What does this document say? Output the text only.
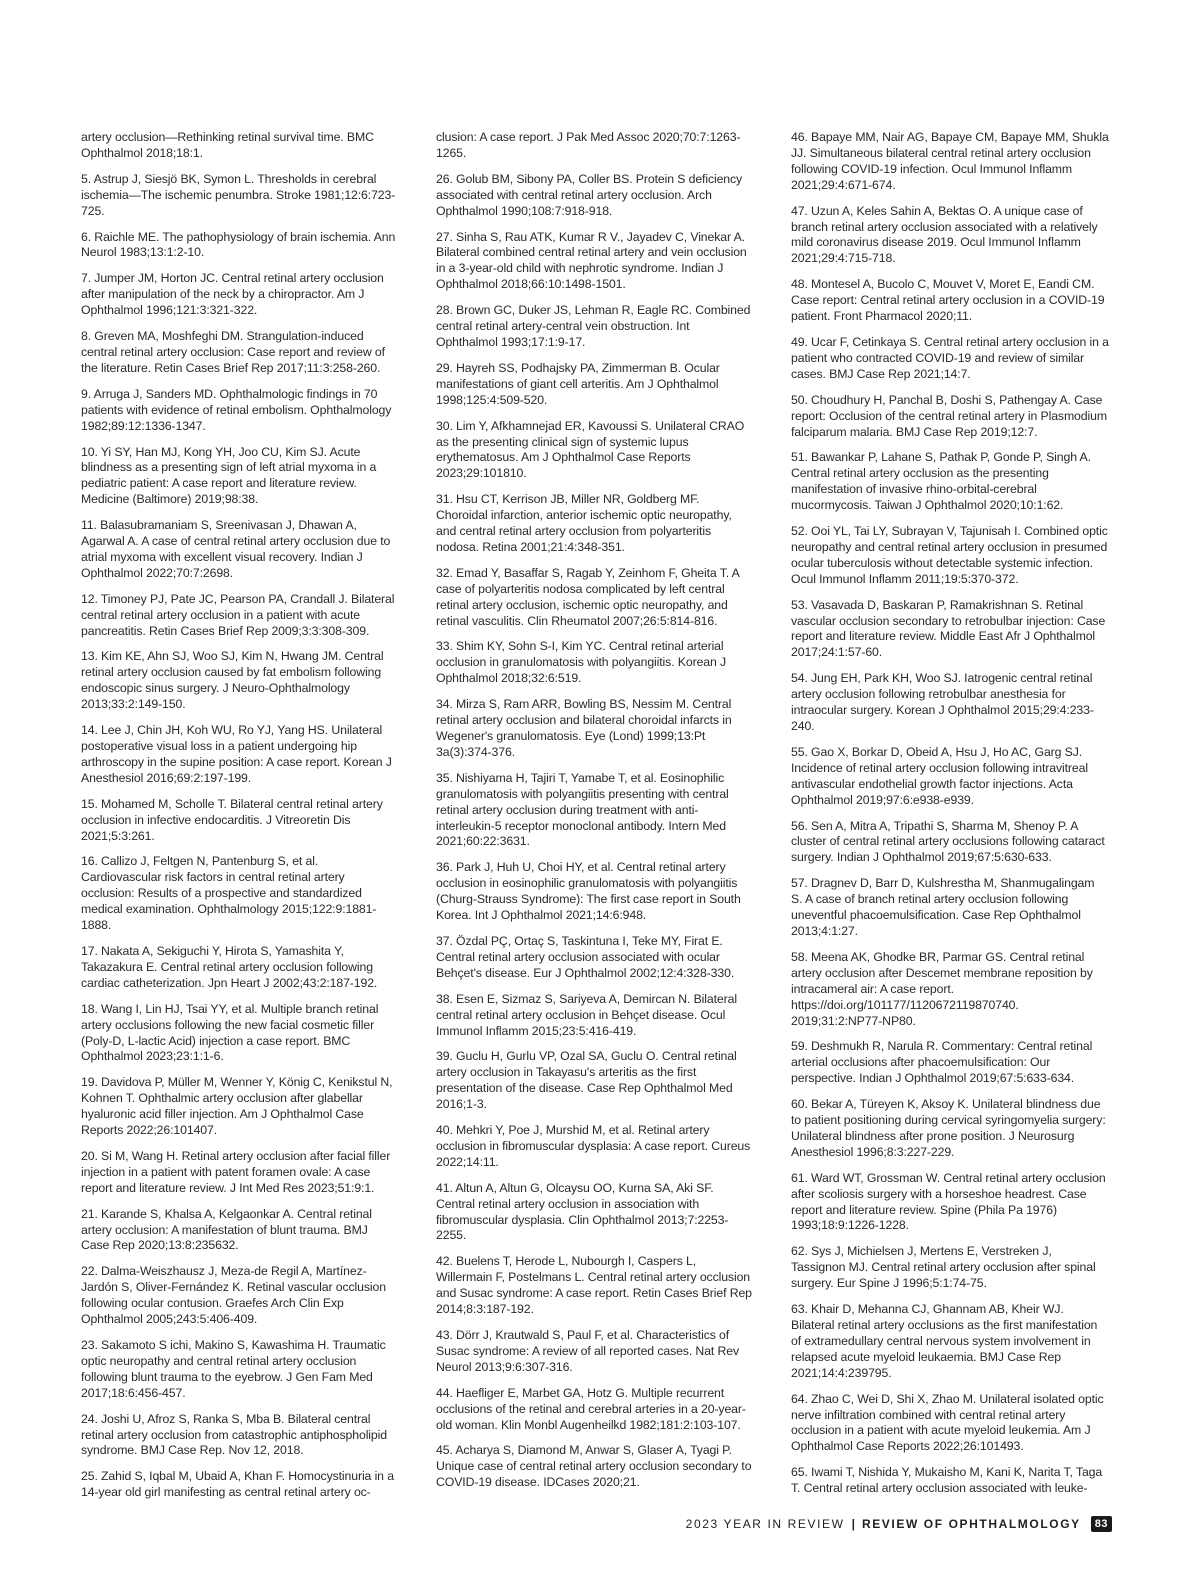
artery occlusion—Rethinking retinal survival time. BMC Ophthalmol 2018;18:1.

5. Astrup J, Siesjö BK, Symon L. Thresholds in cerebral ischemia—The ischemic penumbra. Stroke 1981;12:6:723-725.

6. Raichle ME. The pathophysiology of brain ischemia. Ann Neurol 1983;13:1:2-10.

7. Jumper JM, Horton JC. Central retinal artery occlusion after manipulation of the neck by a chiropractor. Am J Ophthalmol 1996;121:3:321-322.

8. Greven MA, Moshfeghi DM. Strangulation-induced central retinal artery occlusion: Case report and review of the literature. Retin Cases Brief Rep 2017;11:3:258-260.

9. Arruga J, Sanders MD. Ophthalmologic findings in 70 patients with evidence of retinal embolism. Ophthalmology 1982;89:12:1336-1347.

10. Yi SY, Han MJ, Kong YH, Joo CU, Kim SJ. Acute blindness as a presenting sign of left atrial myxoma in a pediatric patient: A case report and literature review. Medicine (Baltimore) 2019;98:38.

11. Balasubramaniam S, Sreenivasan J, Dhawan A, Agarwal A. A case of central retinal artery occlusion due to atrial myxoma with excellent visual recovery. Indian J Ophthalmol 2022;70:7:2698.

12. Timoney PJ, Pate JC, Pearson PA, Crandall J. Bilateral central retinal artery occlusion in a patient with acute pancreatitis. Retin Cases Brief Rep 2009;3:3:308-309.

13. Kim KE, Ahn SJ, Woo SJ, Kim N, Hwang JM. Central retinal artery occlusion caused by fat embolism following endoscopic sinus surgery. J Neuro-Ophthalmology 2013;33:2:149-150.

14. Lee J, Chin JH, Koh WU, Ro YJ, Yang HS. Unilateral postoperative visual loss in a patient undergoing hip arthroscopy in the supine position: A case report. Korean J Anesthesiol 2016;69:2:197-199.

15. Mohamed M, Scholle T. Bilateral central retinal artery occlusion in infective endocarditis. J Vitreoretin Dis 2021;5:3:261.

16. Callizo J, Feltgen N, Pantenburg S, et al. Cardiovascular risk factors in central retinal artery occlusion: Results of a prospective and standardized medical examination. Ophthalmology 2015;122:9:1881-1888.

17. Nakata A, Sekiguchi Y, Hirota S, Yamashita Y, Takazakura E. Central retinal artery occlusion following cardiac catheterization. Jpn Heart J 2002;43:2:187-192.

18. Wang I, Lin HJ, Tsai YY, et al. Multiple branch retinal artery occlusions following the new facial cosmetic filler (Poly-D, L-lactic Acid) injection a case report. BMC Ophthalmol 2023;23:1:1-6.

19. Davidova P, Müller M, Wenner Y, König C, Kenikstul N, Kohnen T. Ophthalmic artery occlusion after glabellar hyaluronic acid filler injection. Am J Ophthalmol Case Reports 2022;26:101407.

20. Si M, Wang H. Retinal artery occlusion after facial filler injection in a patient with patent foramen ovale: A case report and literature review. J Int Med Res 2023;51:9:1.

21. Karande S, Khalsa A, Kelgaonkar A. Central retinal artery occlusion: A manifestation of blunt trauma. BMJ Case Rep 2020;13:8:235632.

22. Dalma-Weiszhausz J, Meza-de Regil A, Martínez-Jardón S, Oliver-Fernández K. Retinal vascular occlusion following ocular contusion. Graefes Arch Clin Exp Ophthalmol 2005;243:5:406-409.

23. Sakamoto S ichi, Makino S, Kawashima H. Traumatic optic neuropathy and central retinal artery occlusion following blunt trauma to the eyebrow. J Gen Fam Med 2017;18:6:456-457.

24. Joshi U, Afroz S, Ranka S, Mba B. Bilateral central retinal artery occlusion from catastrophic antiphospholipid syndrome. BMJ Case Rep. Nov 12, 2018.

25. Zahid S, Iqbal M, Ubaid A, Khan F. Homocystinuria in a 14-year old girl manifesting as central retinal artery oc-

clusion: A case report. J Pak Med Assoc 2020;70:7:1263-1265.

26. Golub BM, Sibony PA, Coller BS. Protein S deficiency associated with central retinal artery occlusion. Arch Ophthalmol 1990;108:7:918-918.

27. Sinha S, Rau ATK, Kumar R V., Jayadev C, Vinekar A. Bilateral combined central retinal artery and vein occlusion in a 3-year-old child with nephrotic syndrome. Indian J Ophthalmol 2018;66:10:1498-1501.

28. Brown GC, Duker JS, Lehman R, Eagle RC. Combined central retinal artery-central vein obstruction. Int Ophthalmol 1993;17:1:9-17.

29. Hayreh SS, Podhajsky PA, Zimmerman B. Ocular manifestations of giant cell arteritis. Am J Ophthalmol 1998;125:4:509-520.

30. Lim Y, Afkhamnejad ER, Kavoussi S. Unilateral CRAO as the presenting clinical sign of systemic lupus erythematosus. Am J Ophthalmol Case Reports 2023;29:101810.

31. Hsu CT, Kerrison JB, Miller NR, Goldberg MF. Choroidal infarction, anterior ischemic optic neuropathy, and central retinal artery occlusion from polyarteritis nodosa. Retina 2001;21:4:348-351.

32. Emad Y, Basaffar S, Ragab Y, Zeinhom F, Gheita T. A case of polyarteritis nodosa complicated by left central retinal artery occlusion, ischemic optic neuropathy, and retinal vasculitis. Clin Rheumatol 2007;26:5:814-816.

33. Shim KY, Sohn S-I, Kim YC. Central retinal arterial occlusion in granulomatosis with polyangiitis. Korean J Ophthalmol 2018;32:6:519.

34. Mirza S, Ram ARR, Bowling BS, Nessim M. Central retinal artery occlusion and bilateral choroidal infarcts in Wegener's granulomatosis. Eye (Lond) 1999;13:Pt 3a(3):374-376.

35. Nishiyama H, Tajiri T, Yamabe T, et al. Eosinophilic granulomatosis with polyangiitis presenting with central retinal artery occlusion during treatment with anti-interleukin-5 receptor monoclonal antibody. Intern Med 2021;60:22:3631.

36. Park J, Huh U, Choi HY, et al. Central retinal artery occlusion in eosinophilic granulomatosis with polyangiitis (Churg-Strauss Syndrome): The first case report in South Korea. Int J Ophthalmol 2021;14:6:948.

37. Özdal PÇ, Ortaç S, Taskintuna I, Teke MY, Firat E. Central retinal artery occlusion associated with ocular Behçet's disease. Eur J Ophthalmol 2002;12:4:328-330.

38. Esen E, Sizmaz S, Sariyeva A, Demircan N. Bilateral central retinal artery occlusion in Behçet disease. Ocul Immunol Inflamm 2015;23:5:416-419.

39. Guclu H, Gurlu VP, Ozal SA, Guclu O. Central retinal artery occlusion in Takayasu's arteritis as the first presentation of the disease. Case Rep Ophthalmol Med 2016;1-3.

40. Mehkri Y, Poe J, Murshid M, et al. Retinal artery occlusion in fibromuscular dysplasia: A case report. Cureus 2022;14:11.

41. Altun A, Altun G, Olcaysu OO, Kurna SA, Aki SF. Central retinal artery occlusion in association with fibromuscular dysplasia. Clin Ophthalmol 2013;7:2253-2255.

42. Buelens T, Herode L, Nubourgh I, Caspers L, Willermain F, Postelmans L. Central retinal artery occlusion and Susac syndrome: A case report. Retin Cases Brief Rep 2014;8:3:187-192.

43. Dörr J, Krautwald S, Paul F, et al. Characteristics of Susac syndrome: A review of all reported cases. Nat Rev Neurol 2013;9:6:307-316.

44. Haefliger E, Marbet GA, Hotz G. Multiple recurrent occlusions of the retinal and cerebral arteries in a 20-year-old woman. Klin Monbl Augenheilkd 1982;181:2:103-107.

45. Acharya S, Diamond M, Anwar S, Glaser A, Tyagi P. Unique case of central retinal artery occlusion secondary to COVID-19 disease. IDCases 2020;21.

46. Bapaye MM, Nair AG, Bapaye CM, Bapaye MM, Shukla JJ. Simultaneous bilateral central retinal artery occlusion following COVID-19 infection. Ocul Immunol Inflamm 2021;29:4:671-674.

47. Uzun A, Keles Sahin A, Bektas O. A unique case of branch retinal artery occlusion associated with a relatively mild coronavirus disease 2019. Ocul Immunol Inflamm 2021;29:4:715-718.

48. Montesel A, Bucolo C, Mouvet V, Moret E, Eandi CM. Case report: Central retinal artery occlusion in a COVID-19 patient. Front Pharmacol 2020;11.

49. Ucar F, Cetinkaya S. Central retinal artery occlusion in a patient who contracted COVID-19 and review of similar cases. BMJ Case Rep 2021;14:7.

50. Choudhury H, Panchal B, Doshi S, Pathengay A. Case report: Occlusion of the central retinal artery in Plasmodium falciparum malaria. BMJ Case Rep 2019;12:7.

51. Bawankar P, Lahane S, Pathak P, Gonde P, Singh A. Central retinal artery occlusion as the presenting manifestation of invasive rhino-orbital-cerebral mucormycosis. Taiwan J Ophthalmol 2020;10:1:62.

52. Ooi YL, Tai LY, Subrayan V, Tajunisah I. Combined optic neuropathy and central retinal artery occlusion in presumed ocular tuberculosis without detectable systemic infection. Ocul Immunol Inflamm 2011;19:5:370-372.

53. Vasavada D, Baskaran P, Ramakrishnan S. Retinal vascular occlusion secondary to retrobulbar injection: Case report and literature review. Middle East Afr J Ophthalmol 2017;24:1:57-60.

54. Jung EH, Park KH, Woo SJ. Iatrogenic central retinal artery occlusion following retrobulbar anesthesia for intraocular surgery. Korean J Ophthalmol 2015;29:4:233-240.

55. Gao X, Borkar D, Obeid A, Hsu J, Ho AC, Garg SJ. Incidence of retinal artery occlusion following intravitreal antivascular endothelial growth factor injections. Acta Ophthalmol 2019;97:6:e938-e939.

56. Sen A, Mitra A, Tripathi S, Sharma M, Shenoy P. A cluster of central retinal artery occlusions following cataract surgery. Indian J Ophthalmol 2019;67:5:630-633.

57. Dragnev D, Barr D, Kulshrestha M, Shanmugalingam S. A case of branch retinal artery occlusion following uneventful phacoemulsification. Case Rep Ophthalmol 2013;4:1:27.

58. Meena AK, Ghodke BR, Parmar GS. Central retinal artery occlusion after Descemet membrane reposition by intracameral air: A case report. https://doi.org/101177/1120672119870740. 2019;31:2:NP77-NP80.

59. Deshmukh R, Narula R. Commentary: Central retinal arterial occlusions after phacoemulsification: Our perspective. Indian J Ophthalmol 2019;67:5:633-634.

60. Bekar A, Türeyen K, Aksoy K. Unilateral blindness due to patient positioning during cervical syringomyelia surgery: Unilateral blindness after prone position. J Neurosurg Anesthesiol 1996;8:3:227-229.

61. Ward WT, Grossman W. Central retinal artery occlusion after scoliosis surgery with a horseshoe headrest. Case report and literature review. Spine (Phila Pa 1976) 1993;18:9:1226-1228.

62. Sys J, Michielsen J, Mertens E, Verstreken J, Tassignon MJ. Central retinal artery occlusion after spinal surgery. Eur Spine J 1996;5:1:74-75.

63. Khair D, Mehanna CJ, Ghannam AB, Kheir WJ. Bilateral retinal artery occlusions as the first manifestation of extramedullary central nervous system involvement in relapsed acute myeloid leukaemia. BMJ Case Rep 2021;14:4:239795.

64. Zhao C, Wei D, Shi X, Zhao M. Unilateral isolated optic nerve infiltration combined with central retinal artery occlusion in a patient with acute myeloid leukemia. Am J Ophthalmol Case Reports 2022;26:101493.

65. Iwami T, Nishida Y, Mukaisho M, Kani K, Narita T, Taga T. Central retinal artery occlusion associated with leuke-

2023 YEAR IN REVIEW | REVIEW OF OPHTHALMOLOGY	83
